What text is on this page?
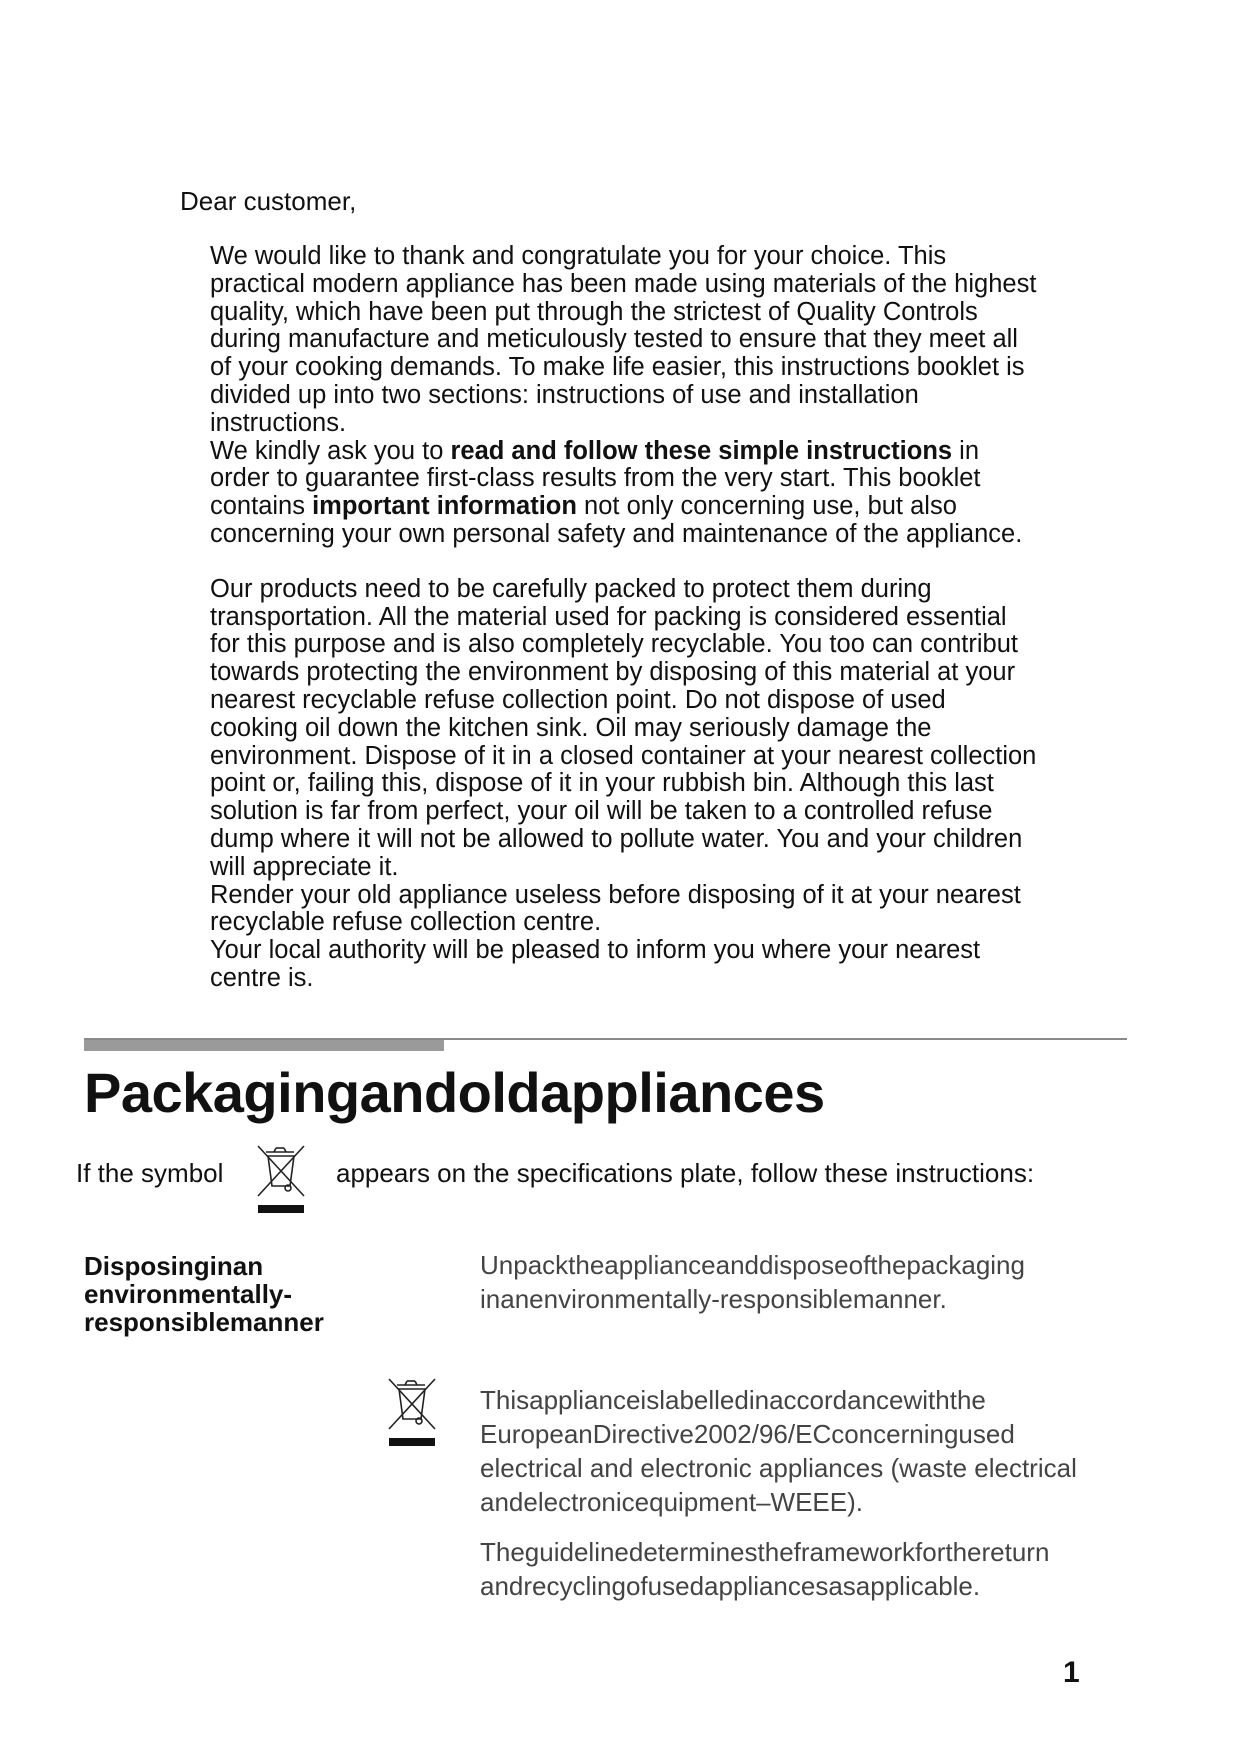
Dear customer,

We would like to thank and congratulate you for your choice. This practical modern appliance has been made using materials of the highest quality, which have been put through the strictest of Quality Controls during manufacture and meticulously tested to ensure that they meet all of your cooking demands. To make life easier, this instructions booklet is divided up into two sections: instructions of use and installation instructions.

We kindly ask you to read and follow these simple instructions in order to guarantee first-class results from the very start. This booklet contains important information not only concerning use, but also concerning your own personal safety and maintenance of the appliance.

Our products need to be carefully packed to protect them during transportation. All the material used for packing is considered essential for this purpose and is also completely recyclable. You too can contribut towards protecting the environment by disposing of this material at your nearest recyclable refuse collection point. Do not dispose of used cooking oil down the kitchen sink. Oil may seriously damage the environment. Dispose of it in a closed container at your nearest collection point or, failing this, dispose of it in your rubbish bin. Although this last solution is far from perfect, your oil will be taken to a controlled refuse dump where it will not be allowed to pollute water. You and your children will appreciate it.

Render your old appliance useless before disposing of it at your nearest recyclable refuse collection centre.

Your local authority will be pleased to inform you where your nearest centre is.

Packagingandoldappliances
If the symbol	appears on the specifications plate, follow these instructions:
Disposinginan
environmentally-
responsiblemanner

Unpacktheapplianceanddisposeofthepackaging inanenvironmentally-responsiblemanner.

Thisapplianceislabelledinaccordancewiththe EuropeanDirective2002/96/ECconcerningused electrical and electronic appliances (waste electrical andelectronicequipment–WEEE).

Theguidelinedeterminestheframeworkforthereturn andrecyclingofusedappliancesasapplicable.

1
